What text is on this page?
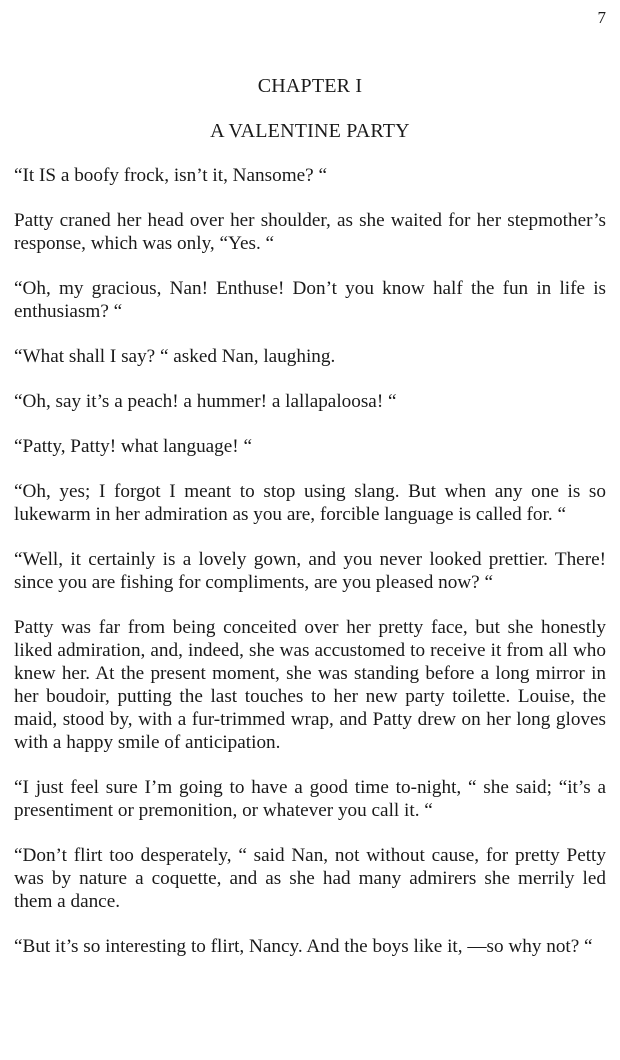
7
CHAPTER I
A VALENTINE PARTY

“It IS a boofy frock, isn’t it, Nansome? “

Patty craned her head over her shoulder, as she waited for her stepmother’s response, which was only, “Yes. “

“Oh, my gracious, Nan! Enthuse! Don’t you know half the fun in life is enthusiasm? “

“What shall I say? “ asked Nan, laughing.

“Oh, say it’s a peach! a hummer! a lallapaloosa! “

“Patty, Patty! what language! “

“Oh, yes; I forgot I meant to stop using slang. But when any one is so lukewarm in her admiration as you are, forcible language is called for. “

“Well, it certainly is a lovely gown, and you never looked prettier. There! since you are fishing for compliments, are you pleased now? “

Patty was far from being conceited over her pretty face, but she honestly liked admiration, and, indeed, she was accustomed to receive it from all who knew her. At the present moment, she was standing before a long mirror in her boudoir, putting the last touches to her new party toilette. Louise, the maid, stood by, with a fur-trimmed wrap, and Patty drew on her long gloves with a happy smile of anticipation.

“I just feel sure I’m going to have a good time to-night, “ she said; “it’s a presentiment or premonition, or whatever you call it. “

“Don’t flirt too desperately, “ said Nan, not without cause, for pretty Petty was by nature a coquette, and as she had many admirers she merrily led them a dance.

“But it’s so interesting to flirt, Nancy. And the boys like it, —so why not? “
